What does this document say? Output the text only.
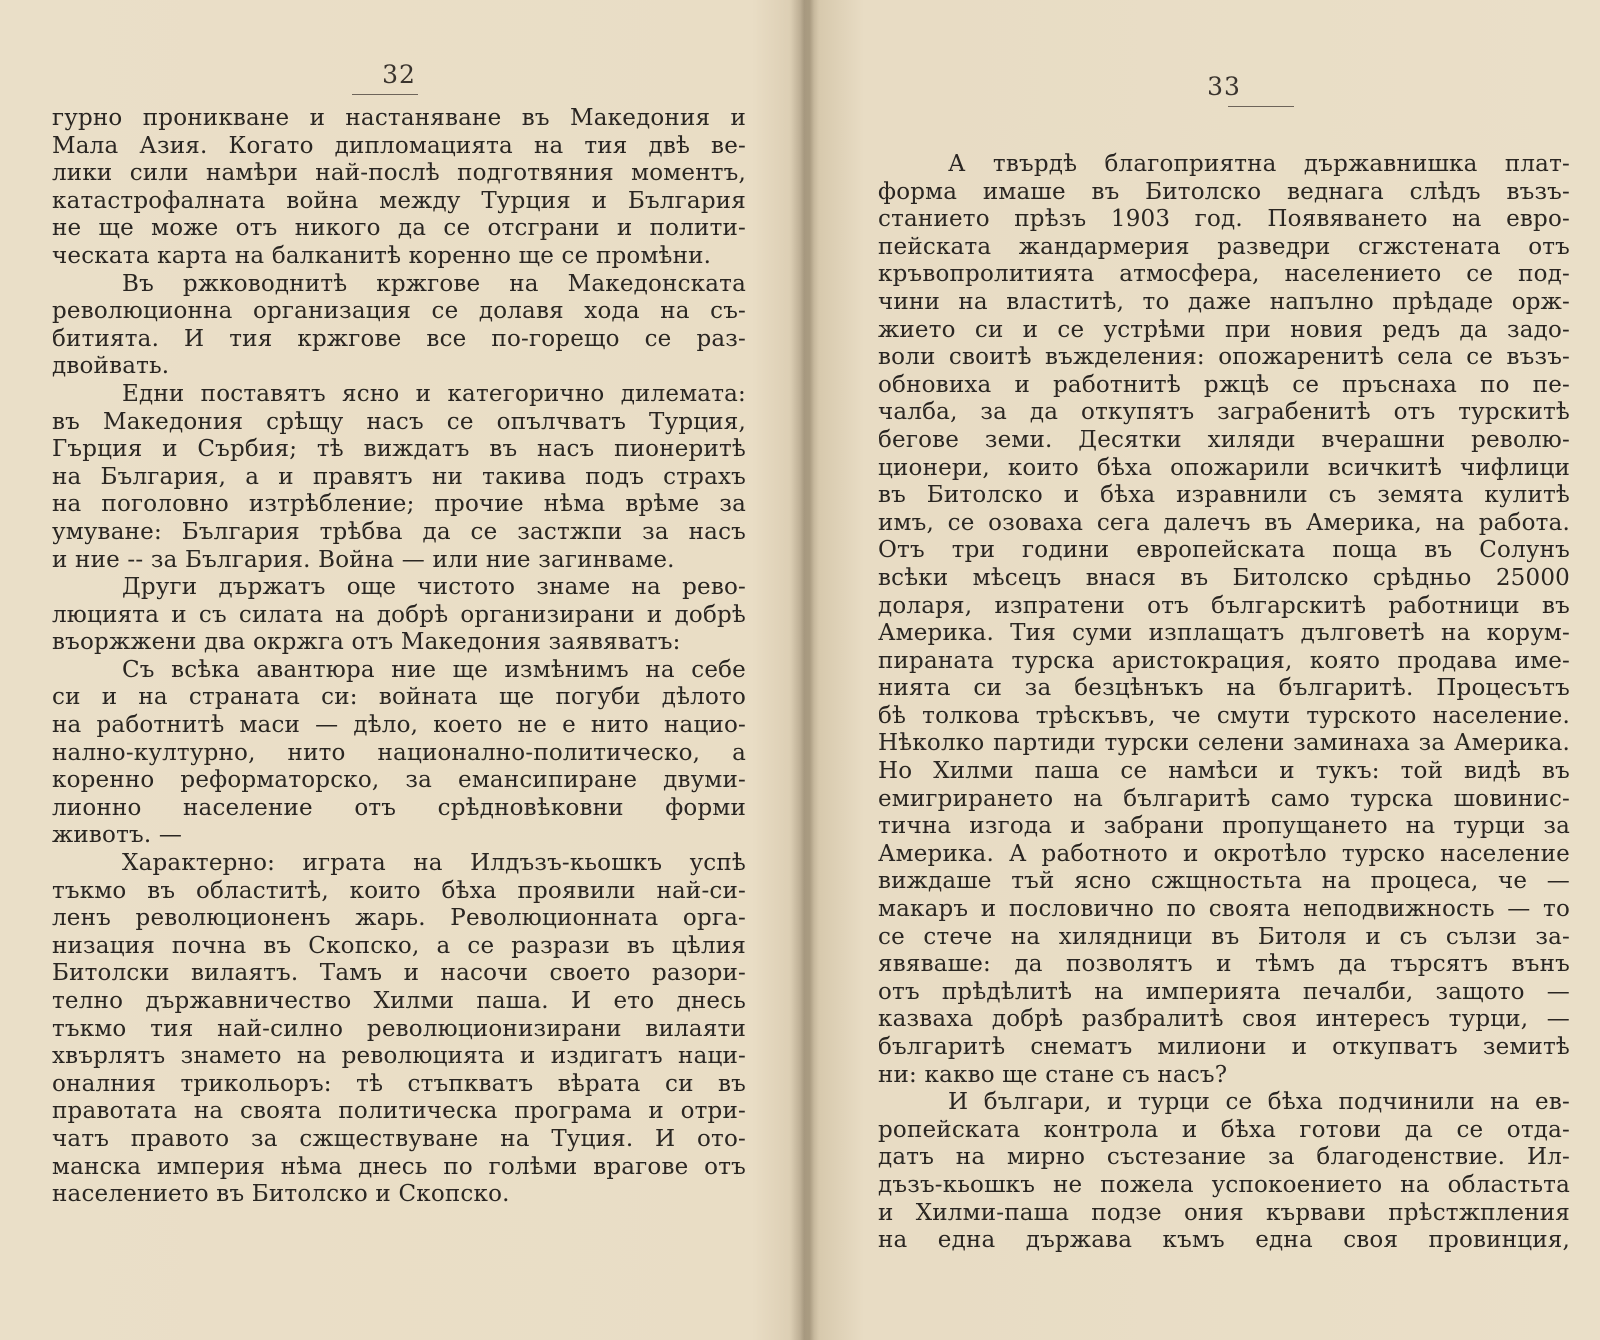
32
гурно проникване и настаняване въ Македония и
Мала Азия. Когато дипломацията на тия двѣ ве-
лики сили намѣри най-послѣ подготвяния моментъ,
катастрофалната война между Турция и България
не ще може отъ никого да се отсграни и полити-
ческата карта на балканитѣ коренно ще се промѣни.
Въ ржководнитѣ кржгове на Македонската
революционна организация се долавя хода на съ-
битията. И тия кржгове все по-горещо се раз-
двойвать.
Едни поставятъ ясно и категорично дилемата:
въ Македония срѣщу насъ се опълчватъ Турция,
Гърция и Сърбия; тѣ виждатъ въ насъ пионеритѣ
на България, а и правятъ ни такива подъ страхъ
на поголовно изтрѣбление; прочие нѣма врѣме за
умуване: България трѣбва да се застжпи за насъ
и ние -- за България. Война — или ние загинваме.
Други държатъ още чистото знаме на рево-
люцията и съ силата на добрѣ организирани и добрѣ
въоржжени два окржга отъ Македония заявяватъ:
Съ всѣка авантюра ние ще измѣнимъ на себе
си и на страната си: войната ще погуби дѣлото
на работнитѣ маси — дѣло, което не е нито нацио-
нално-културно, нито национално-политическо, а
коренно реформаторско, за емансипиране двуми-
лионно население отъ срѣдновѣковни форми
животъ. —
Характерно: играта на Илдъзъ-кьошкъ успѣ
тъкмо въ областитѣ, които бѣха проявили най-си-
ленъ революционенъ жарь. Революционната орга-
низация почна въ Скопско, а се разрази въ цѣлия
Битолски вилаятъ. Тамъ и насочи своето разори-
телно държавничество Хилми паша. И ето днесь
тъкмо тия най-силно революционизирани вилаяти
хвърлятъ знамето на революцията и издигатъ наци-
оналния трикольоръ: тѣ стъпкватъ вѣрата си въ
правотата на своята политическа програма и отри-
чатъ правото за сжществуване на Туция. И ото-
манска империя нѣма днесь по голѣми врагове отъ
населението въ Битолско и Скопско.
33
А твърдѣ благоприятна държавнишка плат-
форма имаше въ Битолско веднага слѣдъ възъ-
станието прѣзъ 1903 год. Появяването на евро-
пейската жандармерия разведри сгжстената отъ
кръвопролитията атмосфера, населението се под-
чини на властитѣ, то даже напълно прѣдаде орж-
жието си и се устрѣми при новия редъ да задо-
воли своитѣ въжделения: опожаренитѣ села се възъ-
обновиха и работнитѣ ржцѣ се пръснаха по пе-
чалба, за да откупятъ заграбенитѣ отъ турскитѣ
бегове земи. Десятки хиляди вчерашни револю-
ционери, които бѣха опожарили всичкитѣ чифлици
въ Битолско и бѣха изравнили съ земята кулитѣ
имъ, се озоваха сега далечъ въ Америка, на работа.
Отъ три години европейската поща въ Солунъ
всѣки мѣсецъ внася въ Битолско срѣдньо 25000
доларя, изпратени отъ българскитѣ работници въ
Америка. Тия суми изплащатъ дълговетѣ на корум-
пираната турска аристокрация, която продава име-
нията си за безцѣнъкъ на българитѣ. Процесътъ
бѣ толкова трѣскъвъ, че смути турското население.
Нѣколко партиди турски селени заминаха за Америка.
Но Хилми паша се намѣси и тукъ: той видѣ въ
емигрирането на българитѣ само турска шовинис-
тична изгода и забрани пропущането на турци за
Америка. А работното и окротѣло турско население
виждаше тъй ясно сжщностьта на процеса, че —
макаръ и пословично по своята неподвижность — то
се стече на хилядници въ Битоля и съ сълзи за-
явяваше: да позволятъ и тѣмъ да търсятъ вънъ
отъ прѣдѣлитѣ на империята печалби, защото —
казваха добрѣ разбралитѣ своя интересъ турци, —
българитѣ снематъ милиони и откупватъ земитѣ
ни: какво ще стане съ насъ?
И българи, и турци се бѣха подчинили на ев-
ропейската контрола и бѣха готови да се отда-
датъ на мирно състезание за благоденствие. Ил-
дъзъ-кьошкъ не пожела успокоението на областьта
и Хилми-паша подзе ония кървави прѣстжпления
на една държава къмъ една своя провинция,
